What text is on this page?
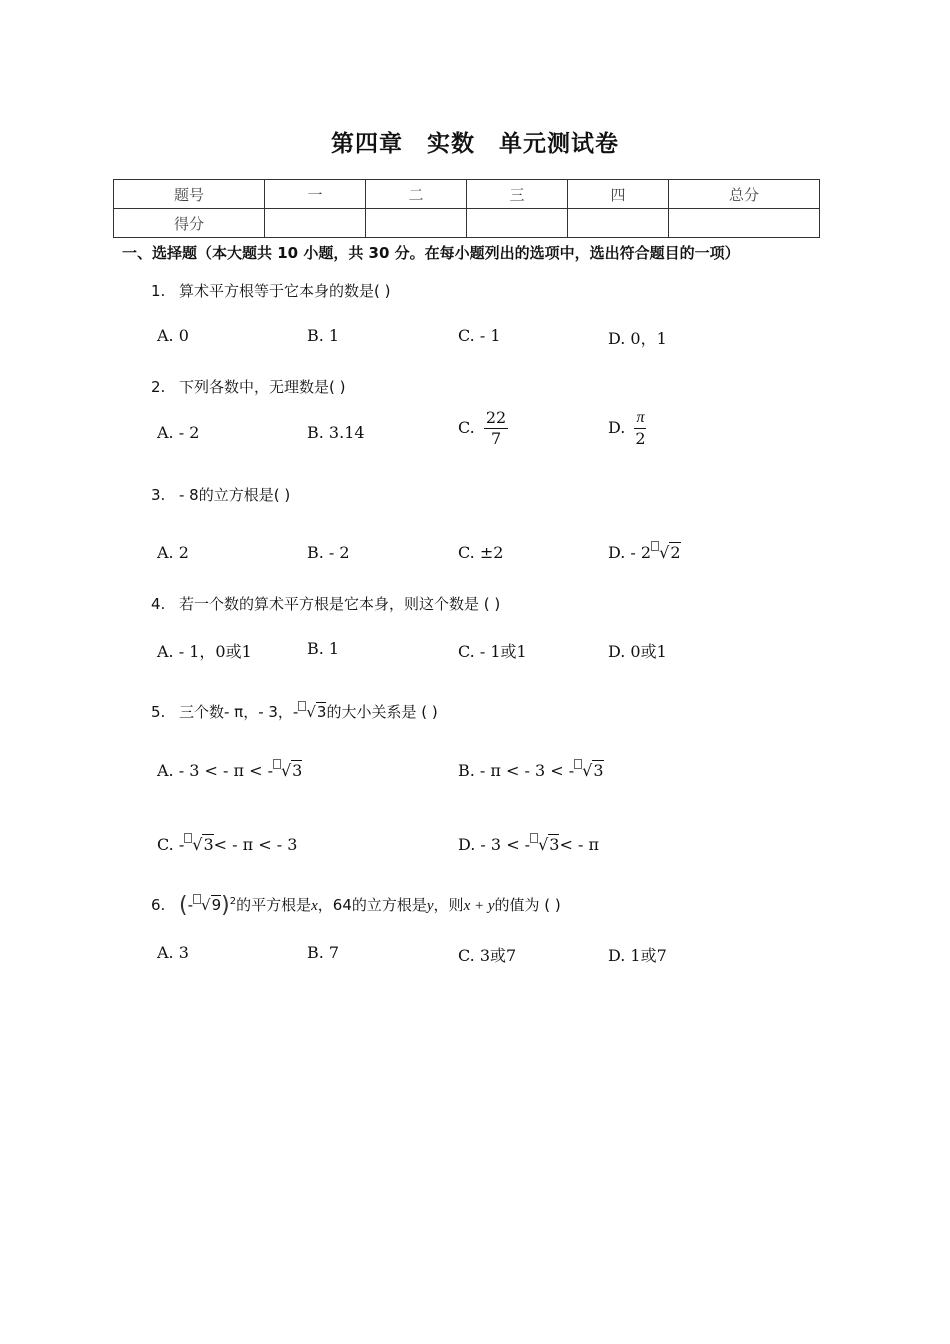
第四章　实数　单元测试卷
题号	一	二	三	四	总分
得分					
一、选择题（本大题共 10 小题，共 30 分。在每小题列出的选项中，选出符合题目的一项）
1. 算术平方根等于它本身的数是( )
A. 0	B. 1	C. - 1	D. 0，1
2. 下列各数中，无理数是( )
A. - 2	B. 3.14	C. $\frac{22}{7}$	D. $\frac{\pi}{2}$
3. - 8的立方根是( )
A. 2	B. - 2	C. ±2	D. - 2 √2
4. 若一个数的算术平方根是它本身，则这个数是 ( )
A. - 1，0或1	B. 1	C. - 1或1	D. 0或1
5. 三个数- π，- 3，- √3的大小关系是 ( )
A. - 3 < - π < - √3	B. - π < - 3 < - √3
C. - √3< - π < - 3	D. - 3 < - √3< - π
6. (- √9)$^2$的平方根是x，64的立方根是y，则x + y的值为 ( )
A. 3	B. 7	C. 3或7	D. 1或7
